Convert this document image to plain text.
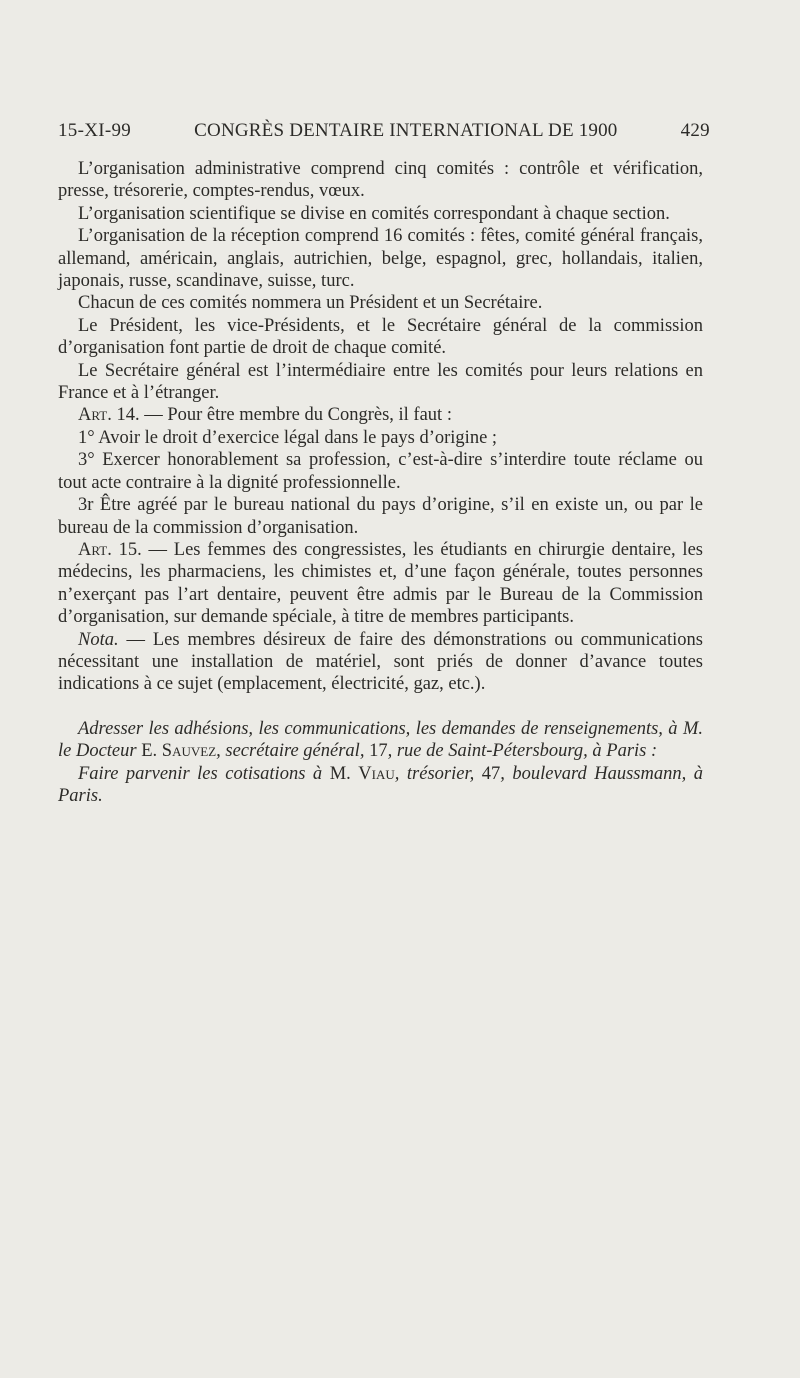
15-XI-99	CONGRÈS DENTAIRE INTERNATIONAL DE 1900	429

L’organisation administrative comprend cinq comités : contrôle et vérification, presse, trésorerie, comptes-rendus, vœux.

L’organisation scientifique se divise en comités correspondant à chaque section.

L’organisation de la réception comprend 16 comités : fêtes, comité général français, allemand, américain, anglais, autrichien, belge, espagnol, grec, hollandais, italien, japonais, russe, scandinave, suisse, turc.

Chacun de ces comités nommera un Président et un Secrétaire.

Le Président, les vice-Présidents, et le Secrétaire général de la commission d’organisation font partie de droit de chaque comité.

Le Secrétaire général est l’intermédiaire entre les comités pour leurs relations en France et à l’étranger.

Art. 14. — Pour être membre du Congrès, il faut :

1° Avoir le droit d’exercice légal dans le pays d’origine ;

3° Exercer honorablement sa profession, c’est-à-dire s’interdire toute réclame ou tout acte contraire à la dignité professionnelle.

3r Être agréé par le bureau national du pays d’origine, s’il en existe un, ou par le bureau de la commission d’organisation.

Art. 15. — Les femmes des congressistes, les étudiants en chirurgie dentaire, les médecins, les pharmaciens, les chimistes et, d’une façon générale, toutes personnes n’exerçant pas l’art dentaire, peuvent être admis par le Bureau de la Commission d’organisation, sur demande spéciale, à titre de membres participants.

Nota. — Les membres désireux de faire des démonstrations ou communications nécessitant une installation de matériel, sont priés de donner d’avance toutes indications à ce sujet (emplacement, électricité, gaz, etc.).

Adresser les adhésions, les communications, les demandes de renseignements, à M. le Docteur E. Sauvez, secrétaire général, 17, rue de Saint-Pétersbourg, à Paris :

Faire parvenir les cotisations à M. Viau, trésorier, 47, boulevard Haussmann, à Paris.
